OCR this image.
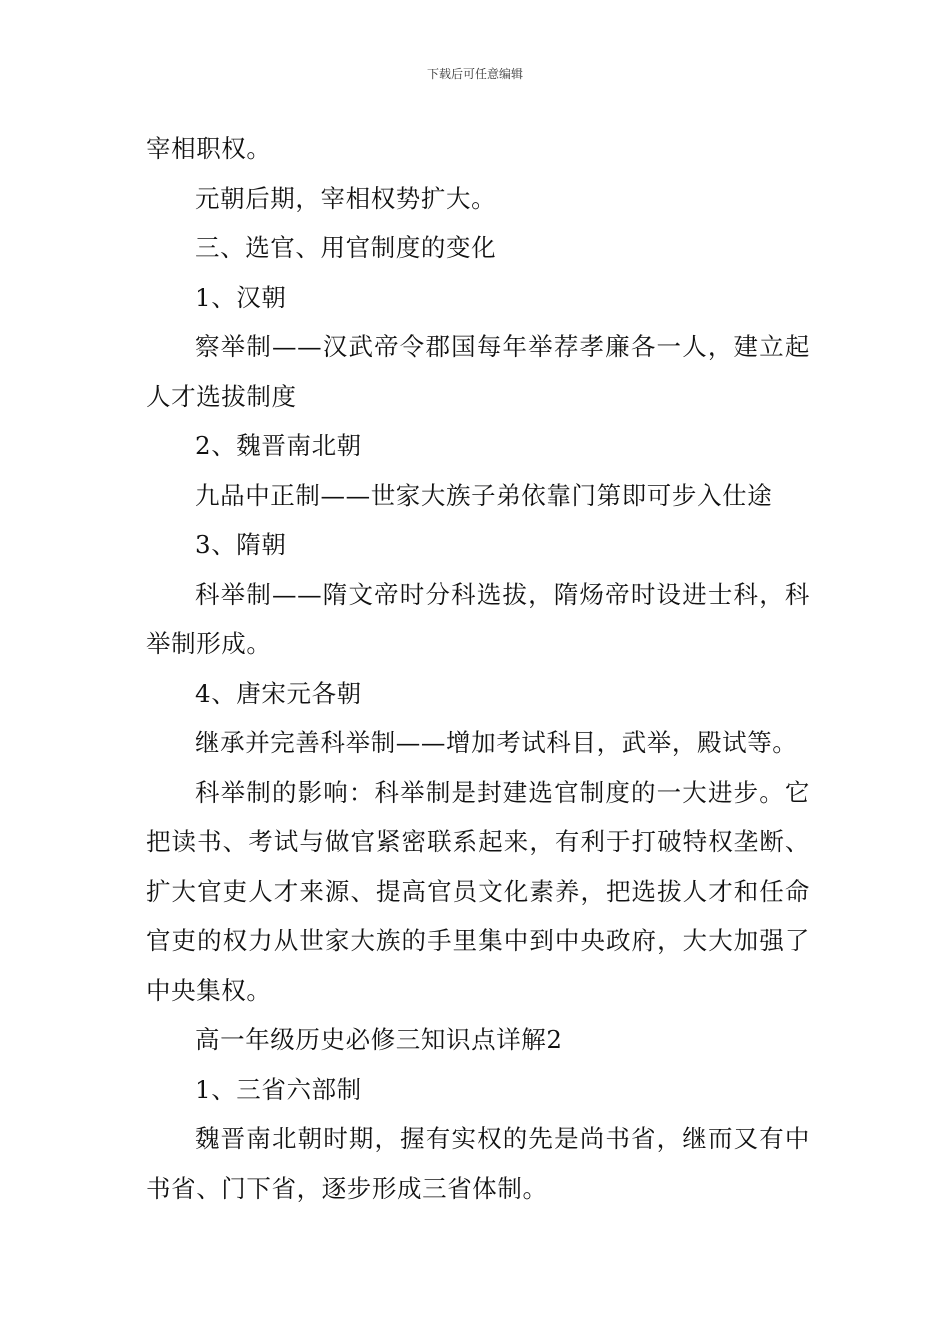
下载后可任意编辑

宰相职权。

元朝后期，宰相权势扩大。

三、选官、用官制度的变化

1、汉朝

察举制——汉武帝令郡国每年举荐孝廉各一人，建立起人才选拔制度

2、魏晋南北朝

九品中正制——世家大族子弟依靠门第即可步入仕途

3、隋朝

科举制——隋文帝时分科选拔，隋炀帝时设进士科，科举制形成。

4、唐宋元各朝

继承并完善科举制——增加考试科目，武举，殿试等。

科举制的影响：科举制是封建选官制度的一大进步。它把读书、考试与做官紧密联系起来，有利于打破特权垄断、扩大官吏人才来源、提高官员文化素养，把选拔人才和任命官吏的权力从世家大族的手里集中到中央政府，大大加强了中央集权。

高一年级历史必修三知识点详解2

1、三省六部制

魏晋南北朝时期，握有实权的先是尚书省，继而又有中书省、门下省，逐步形成三省体制。
